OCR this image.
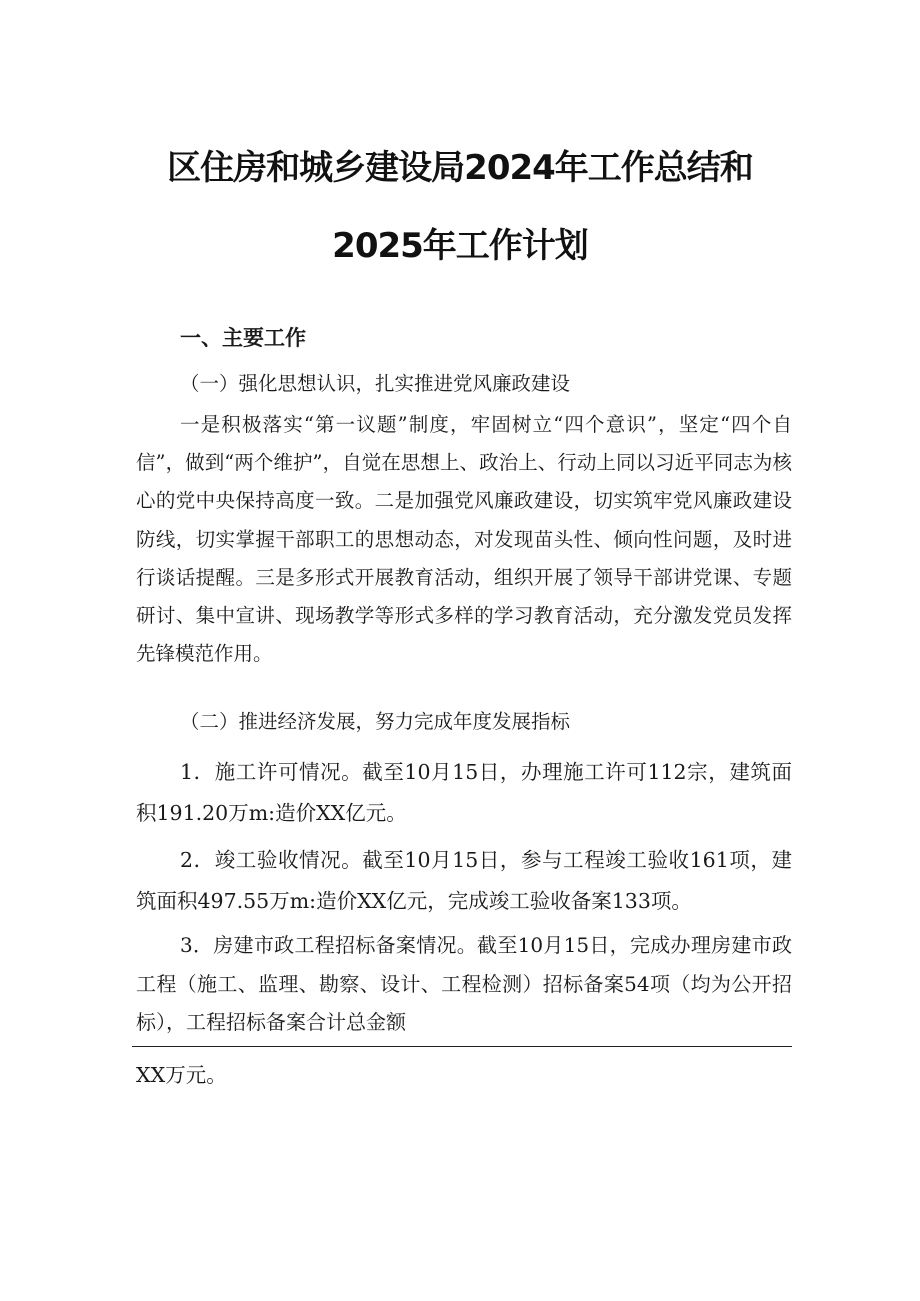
区住房和城乡建设局2024年工作总结和
2025年工作计划
一、主要工作

（一）强化思想认识，扎实推进党风廉政建设

一是积极落实“第一议题”制度，牢固树立“四个意识”，坚定“四个自信”，做到“两个维护”，自觉在思想上、政治上、行动上同以习近平同志为核心的党中央保持高度一致。二是加强党风廉政建设，切实筑牢党风廉政建设防线，切实掌握干部职工的思想动态，对发现苗头性、倾向性问题，及时进行谈话提醒。三是多形式开展教育活动，组织开展了领导干部讲党课、专题研讨、集中宣讲、现场教学等形式多样的学习教育活动，充分激发党员发挥先锋模范作用。

（二）推进经济发展，努力完成年度发展指标

1．施工许可情况。截至10月15日，办理施工许可112宗，建筑面积191.20万m:造价XX亿元。

2．竣工验收情况。截至10月15日，参与工程竣工验收161项，建筑面积497.55万m:造价XX亿元，完成竣工验收备案133项。

3．房建市政工程招标备案情况。截至10月15日，完成办理房建市政工程（施工、监理、勘察、设计、工程检测）招标备案54项（均为公开招标），工程招标备案合计总金额

XX万元。
